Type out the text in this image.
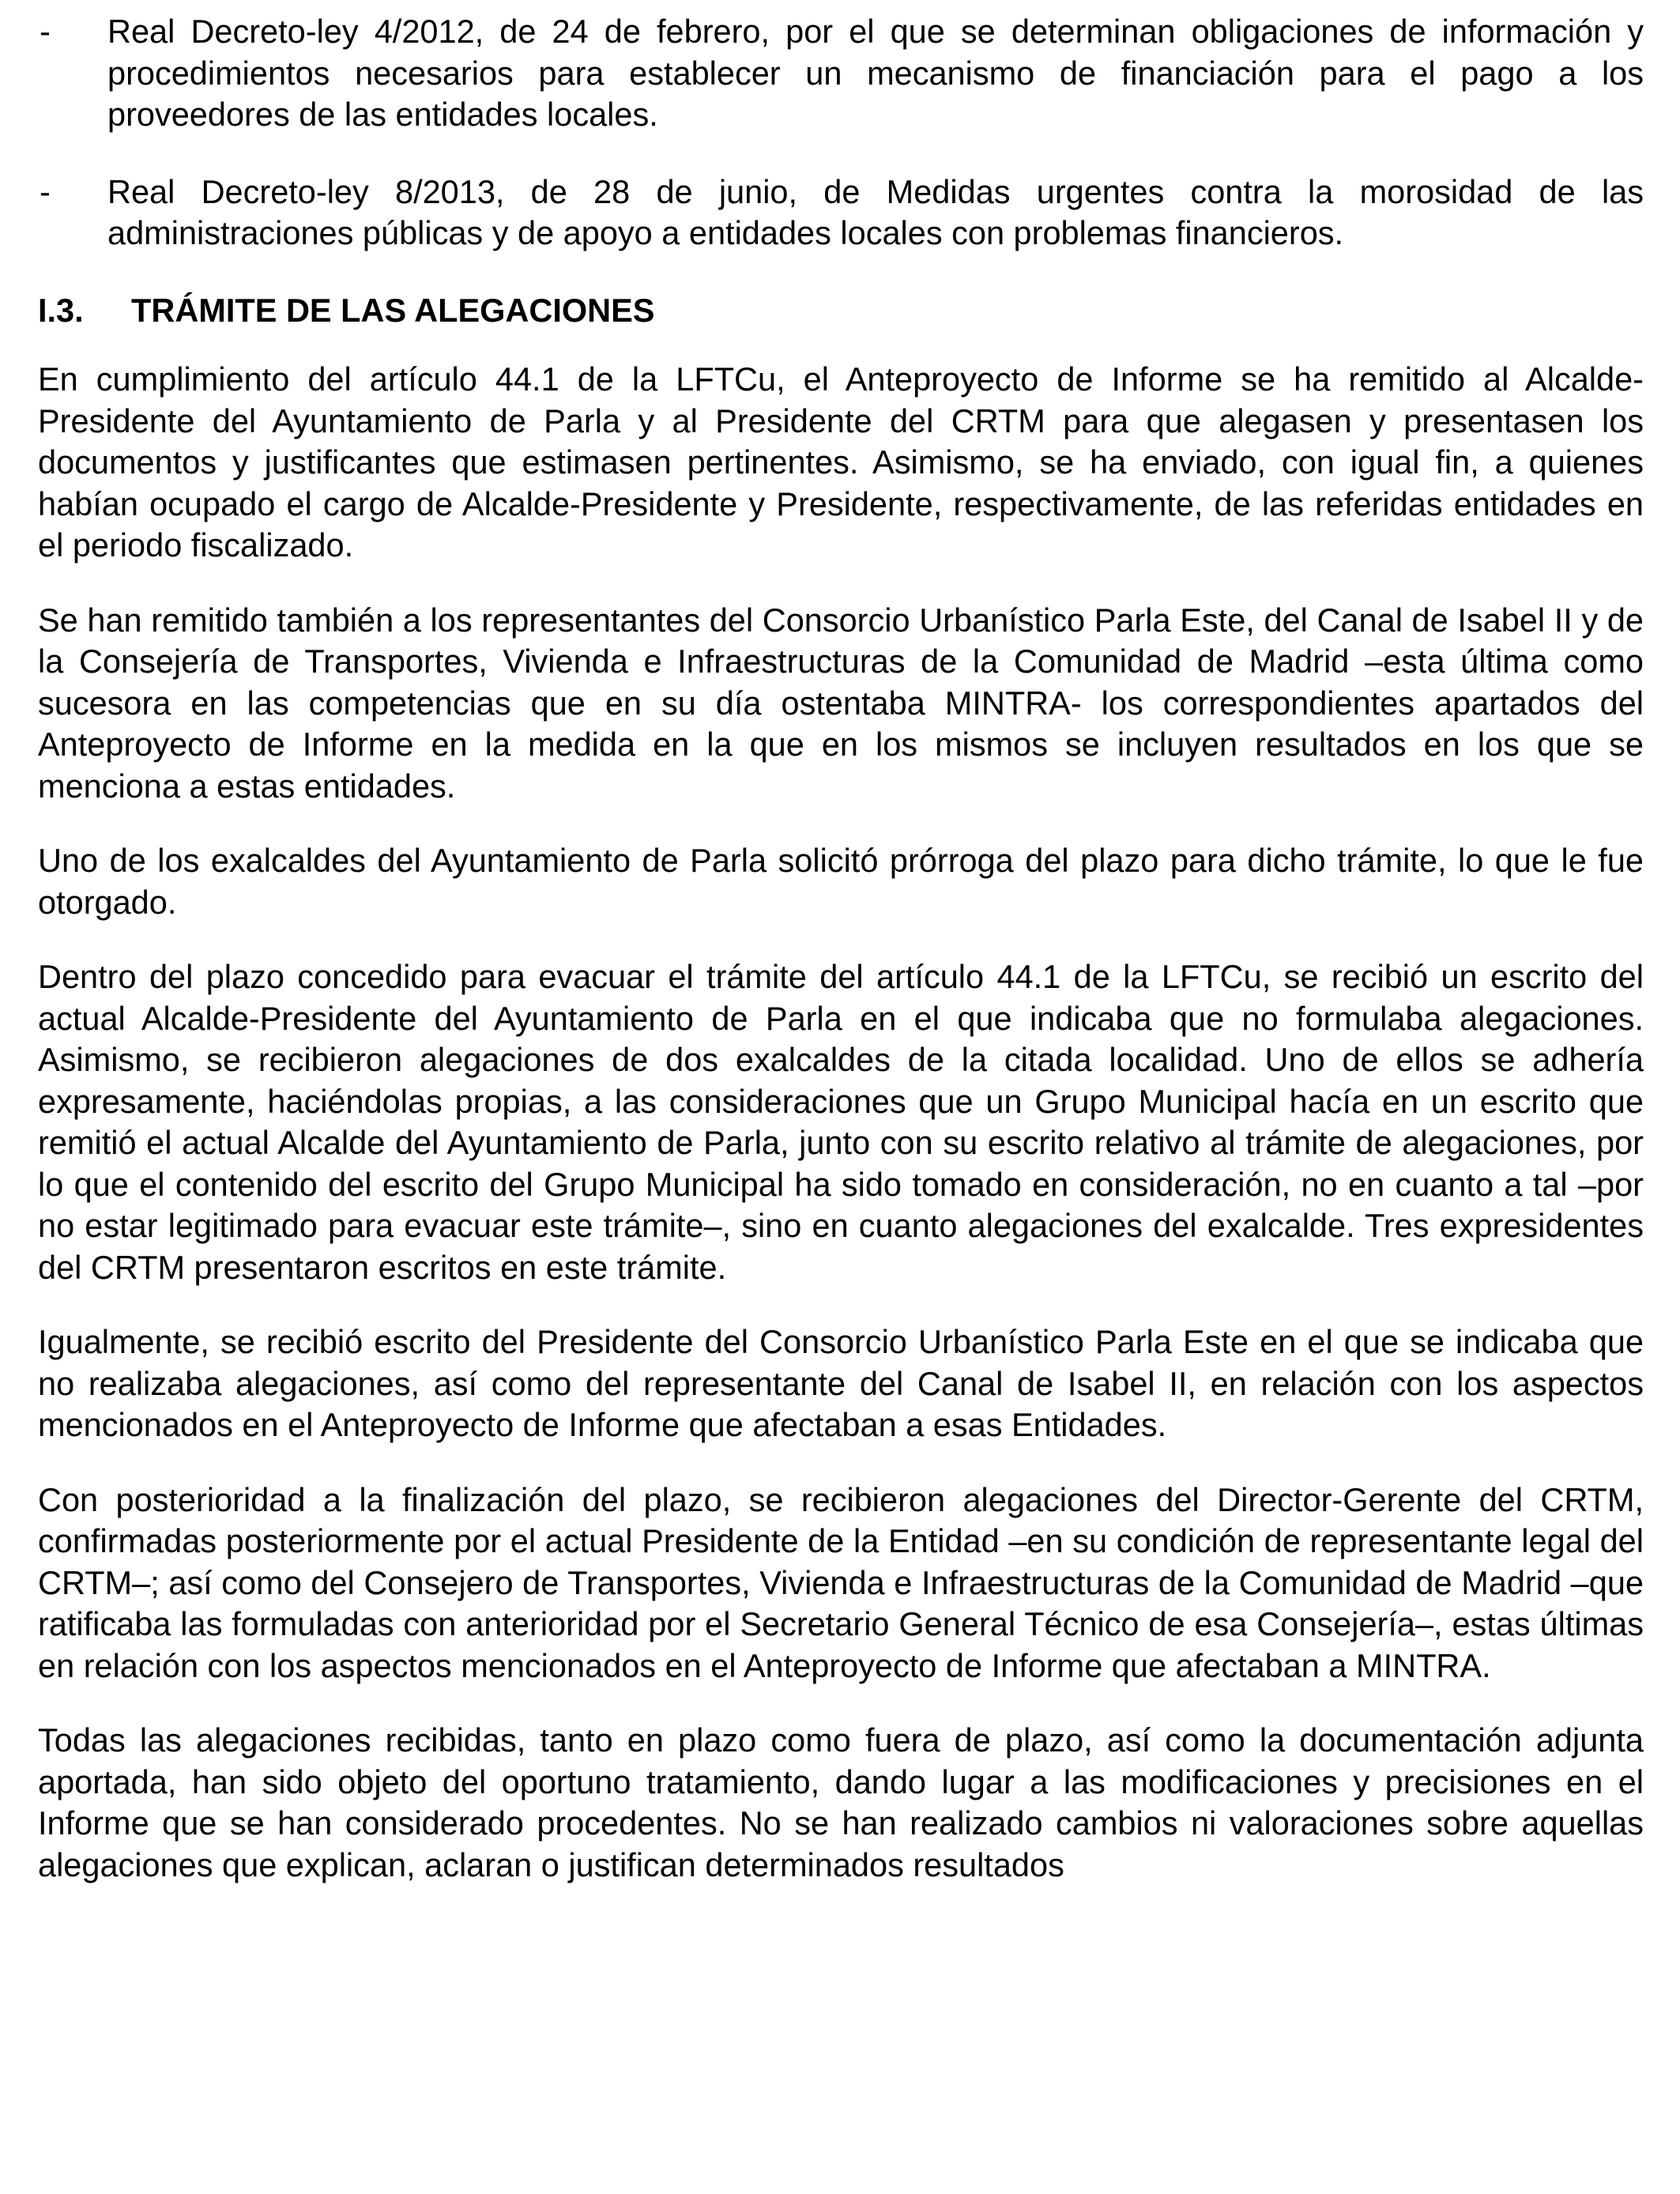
- Real Decreto-ley 4/2012, de 24 de febrero, por el que se determinan obligaciones de información y procedimientos necesarios para establecer un mecanismo de financiación para el pago a los proveedores de las entidades locales.
- Real Decreto-ley 8/2013, de 28 de junio, de Medidas urgentes contra la morosidad de las administraciones públicas y de apoyo a entidades locales con problemas financieros.
I.3. TRÁMITE DE LAS ALEGACIONES

En cumplimiento del artículo 44.1 de la LFTCu, el Anteproyecto de Informe se ha remitido al Alcalde-Presidente del Ayuntamiento de Parla y al Presidente del CRTM para que alegasen y presentasen los documentos y justificantes que estimasen pertinentes. Asimismo, se ha enviado, con igual fin, a quienes habían ocupado el cargo de Alcalde-Presidente y Presidente, respectivamente, de las referidas entidades en el periodo fiscalizado.

Se han remitido también a los representantes del Consorcio Urbanístico Parla Este, del Canal de Isabel II y de la Consejería de Transportes, Vivienda e Infraestructuras de la Comunidad de Madrid –esta última como sucesora en las competencias que en su día ostentaba MINTRA- los correspondientes apartados del Anteproyecto de Informe en la medida en la que en los mismos se incluyen resultados en los que se menciona a estas entidades.

Uno de los exalcaldes del Ayuntamiento de Parla solicitó prórroga del plazo para dicho trámite, lo que le fue otorgado.

Dentro del plazo concedido para evacuar el trámite del artículo 44.1 de la LFTCu, se recibió un escrito del actual Alcalde-Presidente del Ayuntamiento de Parla en el que indicaba que no formulaba alegaciones. Asimismo, se recibieron alegaciones de dos exalcaldes de la citada localidad. Uno de ellos se adhería expresamente, haciéndolas propias, a las consideraciones que un Grupo Municipal hacía en un escrito que remitió el actual Alcalde del Ayuntamiento de Parla, junto con su escrito relativo al trámite de alegaciones, por lo que el contenido del escrito del Grupo Municipal ha sido tomado en consideración, no en cuanto a tal –por no estar legitimado para evacuar este trámite–, sino en cuanto alegaciones del exalcalde. Tres expresidentes del CRTM presentaron escritos en este trámite.

Igualmente, se recibió escrito del Presidente del Consorcio Urbanístico Parla Este en el que se indicaba que no realizaba alegaciones, así como del representante del Canal de Isabel II, en relación con los aspectos mencionados en el Anteproyecto de Informe que afectaban a esas Entidades.

Con posterioridad a la finalización del plazo, se recibieron alegaciones del Director-Gerente del CRTM, confirmadas posteriormente por el actual Presidente de la Entidad –en su condición de representante legal del CRTM–; así como del Consejero de Transportes, Vivienda e Infraestructuras de la Comunidad de Madrid –que ratificaba las formuladas con anterioridad por el Secretario General Técnico de esa Consejería–, estas últimas en relación con los aspectos mencionados en el Anteproyecto de Informe que afectaban a MINTRA.

Todas las alegaciones recibidas, tanto en plazo como fuera de plazo, así como la documentación adjunta aportada, han sido objeto del oportuno tratamiento, dando lugar a las modificaciones y precisiones en el Informe que se han considerado procedentes. No se han realizado cambios ni valoraciones sobre aquellas alegaciones que explican, aclaran o justifican determinados resultados
